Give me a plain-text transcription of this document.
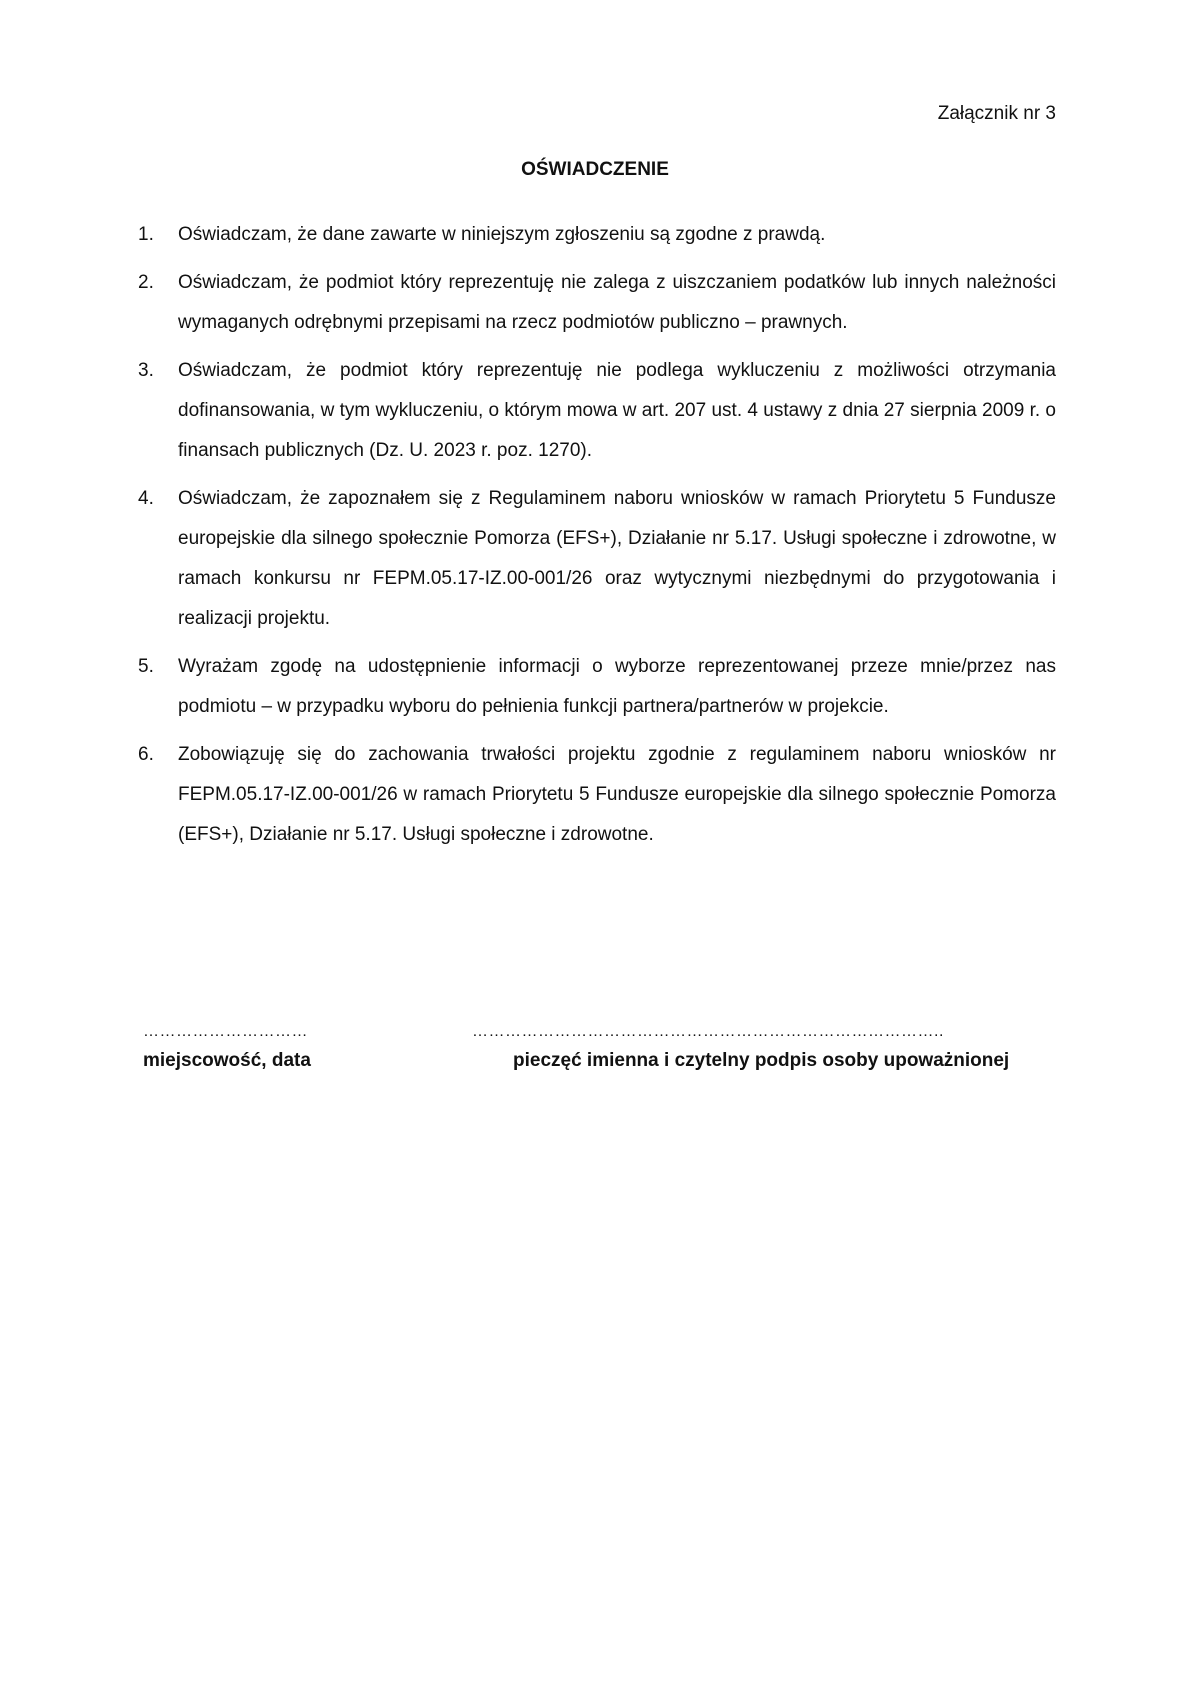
Załącznik nr 3
OŚWIADCZENIE
1.	Oświadczam, że dane zawarte w niniejszym zgłoszeniu są zgodne z prawdą.
2.	Oświadczam, że podmiot który reprezentuję nie zalega z uiszczaniem podatków lub innych należności wymaganych odrębnymi przepisami na rzecz podmiotów publiczno – prawnych.
3.	Oświadczam, że podmiot który reprezentuję nie podlega wykluczeniu z możliwości otrzymania dofinansowania, w tym wykluczeniu, o którym mowa w art. 207 ust. 4 ustawy z dnia 27 sierpnia 2009 r. o finansach publicznych (Dz. U. 2023 r. poz. 1270).
4.	Oświadczam, że zapoznałem się z Regulaminem naboru wniosków w ramach Priorytetu 5 Fundusze europejskie dla silnego społecznie Pomorza (EFS+), Działanie nr 5.17. Usługi społeczne i zdrowotne, w ramach konkursu nr FEPM.05.17-IZ.00-001/26 oraz wytycznymi niezbędnymi do przygotowania i realizacji projektu.
5.	Wyrażam zgodę na udostępnienie informacji o wyborze reprezentowanej przeze mnie/przez nas podmiotu – w przypadku wyboru do pełnienia funkcji partnera/partnerów w projekcie.
6.	Zobowiązuję się do zachowania trwałości projektu zgodnie z regulaminem naboru wniosków nr FEPM.05.17-IZ.00-001/26 w ramach Priorytetu 5 Fundusze europejskie dla silnego społecznie Pomorza (EFS+), Działanie nr 5.17. Usługi społeczne i zdrowotne.
…………………………
miejscowość, data
…………………………………………………………………………..
pieczęć imienna i czytelny podpis osoby upoważnionej
